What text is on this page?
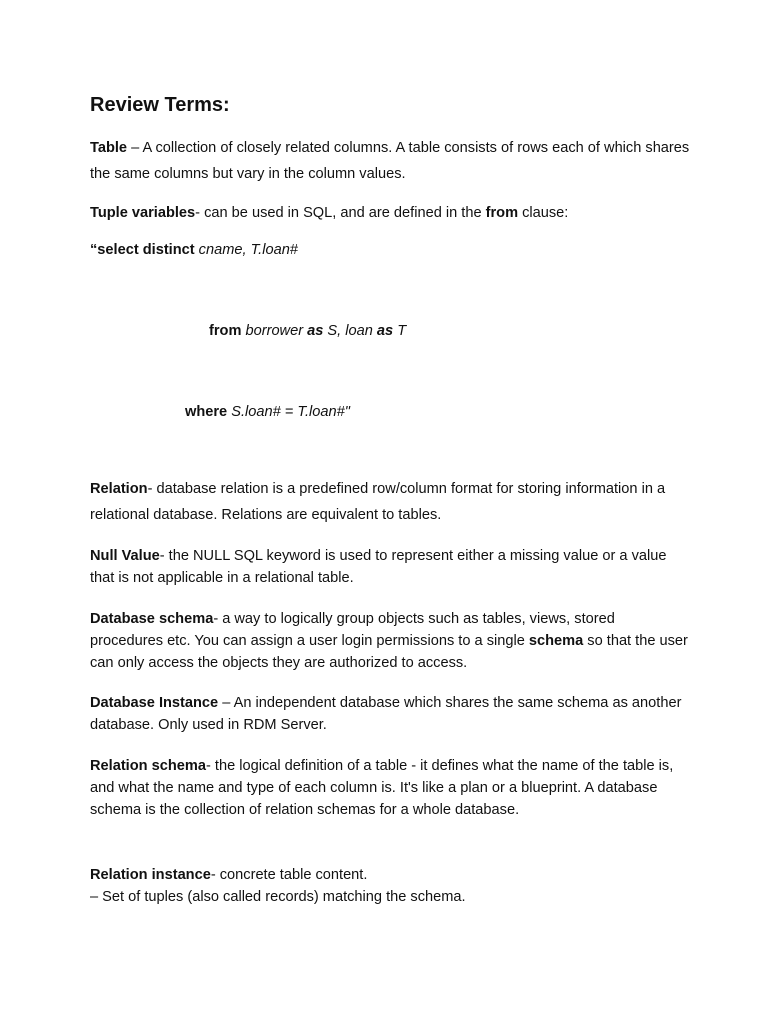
Review Terms:
Table – A collection of closely related columns. A table consists of rows each of which shares the same columns but vary in the column values.
Tuple variables- can be used in SQL, and are defined in the from clause:
“select distinct cname, T.loan#
from borrower as S, loan as T
where S.loan# = T.loan#"
Relation- database relation is a predefined row/column format for storing information in a relational database. Relations are equivalent to tables.
Null Value- the NULL SQL keyword is used to represent either a missing value or a value that is not applicable in a relational table.
Database schema- a way to logically group objects such as tables, views, stored procedures etc. You can assign a user login permissions to a single schema so that the user can only access the objects they are authorized to access.
Database Instance – An independent database which shares the same schema as another database. Only used in RDM Server.
Relation schema- the logical definition of a table - it defines what the name of the table is, and what the name and type of each column is. It's like a plan or a blueprint. A database schema is the collection of relation schemas for a whole database.
Relation instance- concrete table content.
– Set of tuples (also called records) matching the schema.
